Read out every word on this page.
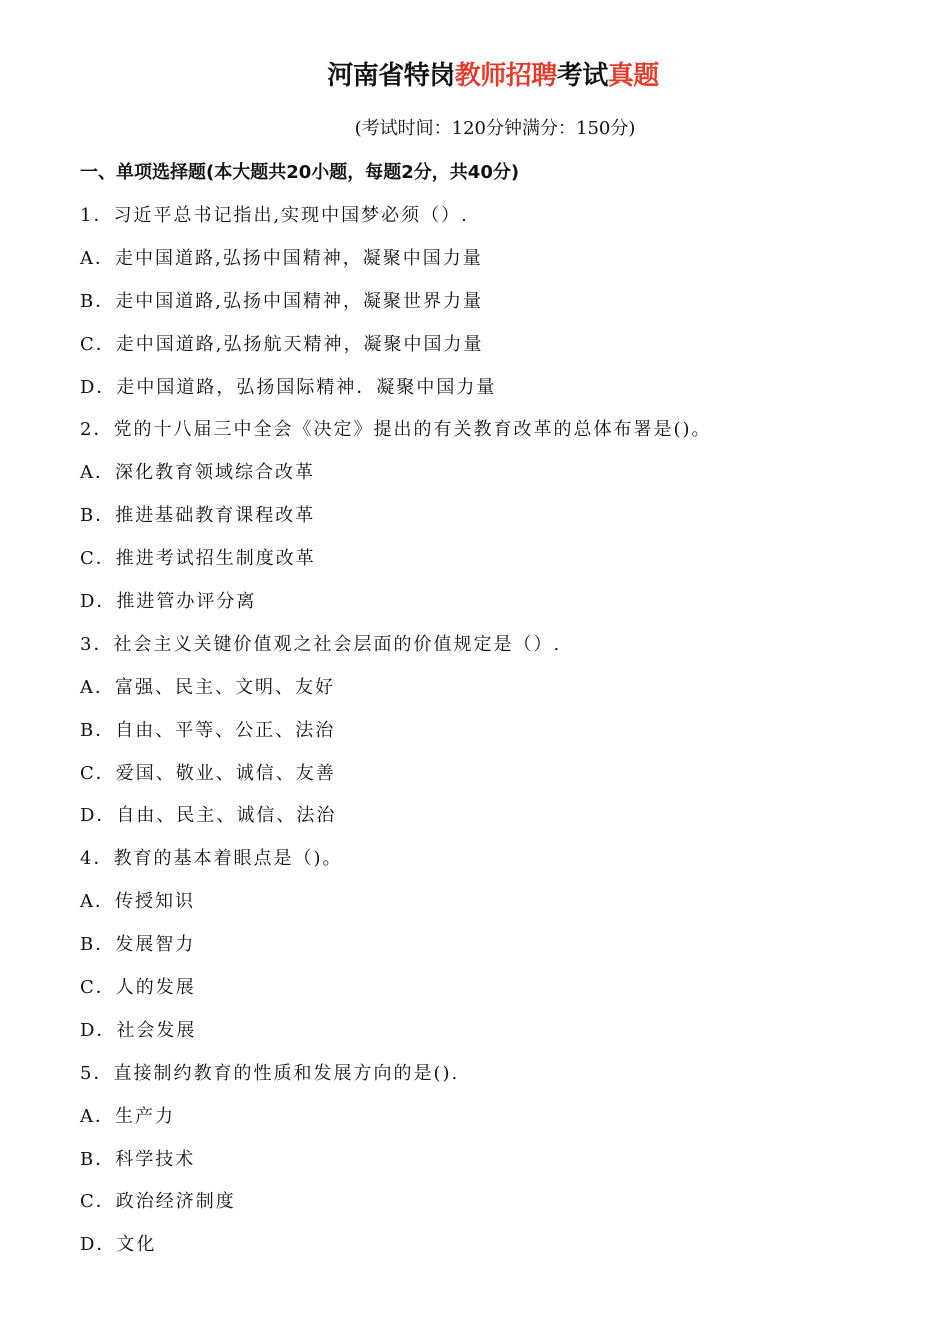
河南省特岗教师招聘考试真题
(考试时间：120分钟满分：150分)
一、单项选择题(本大题共20小题，每题2分，共40分)
1．习近平总书记指出,实现中国梦必须（）.
A．走中国道路,弘扬中国精神，凝聚中国力量
B．走中国道路,弘扬中国精神，凝聚世界力量
C．走中国道路,弘扬航天精神，凝聚中国力量
D．走中国道路，弘扬国际精神．凝聚中国力量
2．党的十八届三中全会《决定》提出的有关教育改革的总体布署是()。
A．深化教育领域综合改革
B．推进基础教育课程改革
C．推进考试招生制度改革
D．推进管办评分离
3．社会主义关键价值观之社会层面的价值规定是（）.
A．富强、民主、文明、友好
B．自由、平等、公正、法治
C．爱国、敬业、诚信、友善
D．自由、民主、诚信、法治
4．教育的基本着眼点是（)。
A．传授知识
B．发展智力
C．人的发展
D．社会发展
5．直接制约教育的性质和发展方向的是().
A．生产力
B．科学技术
C．政治经济制度
D．文化
